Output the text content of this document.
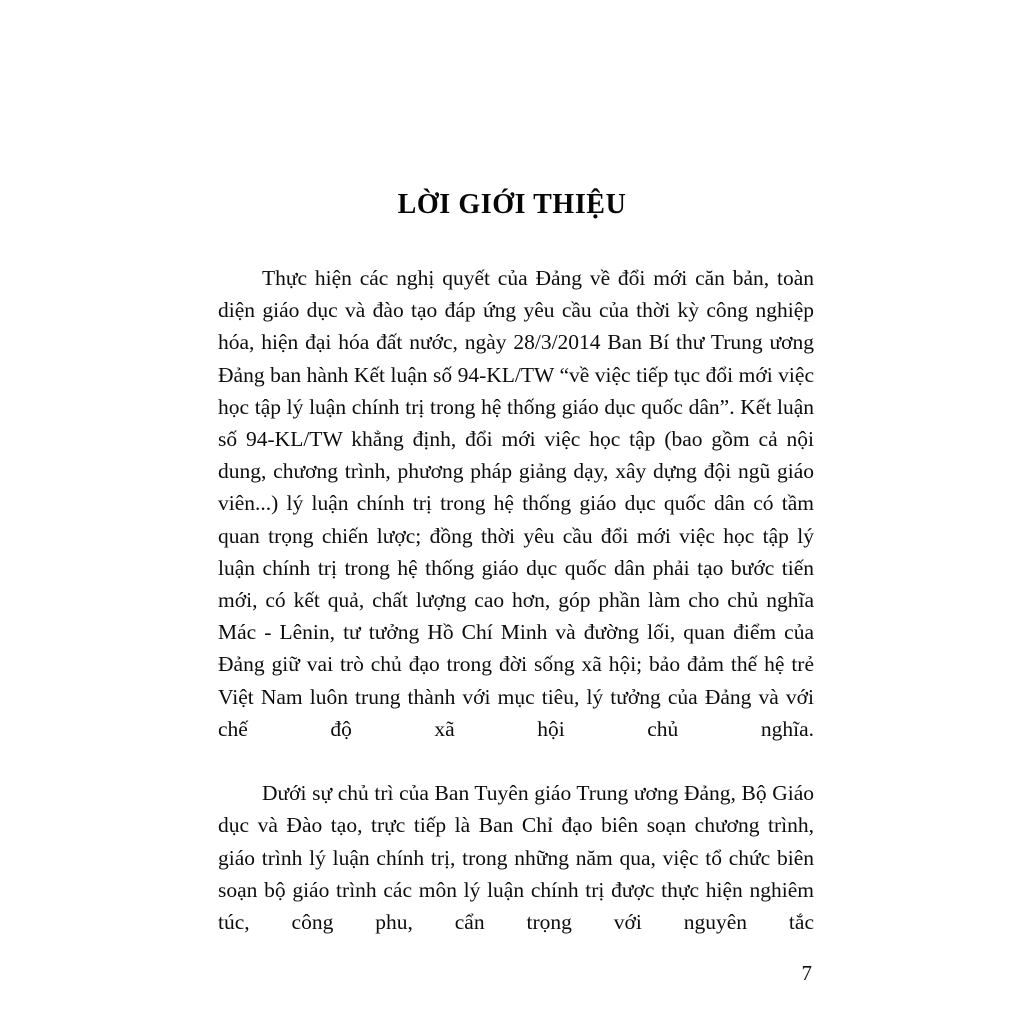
LỜI GIỚI THIỆU

Thực hiện các nghị quyết của Đảng về đổi mới căn bản, toàn diện giáo dục và đào tạo đáp ứng yêu cầu của thời kỳ công nghiệp hóa, hiện đại hóa đất nước, ngày 28/3/2014 Ban Bí thư Trung ương Đảng ban hành Kết luận số 94-KL/TW “về việc tiếp tục đổi mới việc học tập lý luận chính trị trong hệ thống giáo dục quốc dân”. Kết luận số 94-KL/TW khẳng định, đổi mới việc học tập (bao gồm cả nội dung, chương trình, phương pháp giảng dạy, xây dựng đội ngũ giáo viên...) lý luận chính trị trong hệ thống giáo dục quốc dân có tầm quan trọng chiến lược; đồng thời yêu cầu đổi mới việc học tập lý luận chính trị trong hệ thống giáo dục quốc dân phải tạo bước tiến mới, có kết quả, chất lượng cao hơn, góp phần làm cho chủ nghĩa Mác - Lênin, tư tưởng Hồ Chí Minh và đường lối, quan điểm của Đảng giữ vai trò chủ đạo trong đời sống xã hội; bảo đảm thế hệ trẻ Việt Nam luôn trung thành với mục tiêu, lý tưởng của Đảng và với chế độ xã hội chủ nghĩa.

Dưới sự chủ trì của Ban Tuyên giáo Trung ương Đảng, Bộ Giáo dục và Đào tạo, trực tiếp là Ban Chỉ đạo biên soạn chương trình, giáo trình lý luận chính trị, trong những năm qua, việc tổ chức biên soạn bộ giáo trình các môn lý luận chính trị được thực hiện nghiêm túc, công phu, cẩn trọng với nguyên tắc

7
